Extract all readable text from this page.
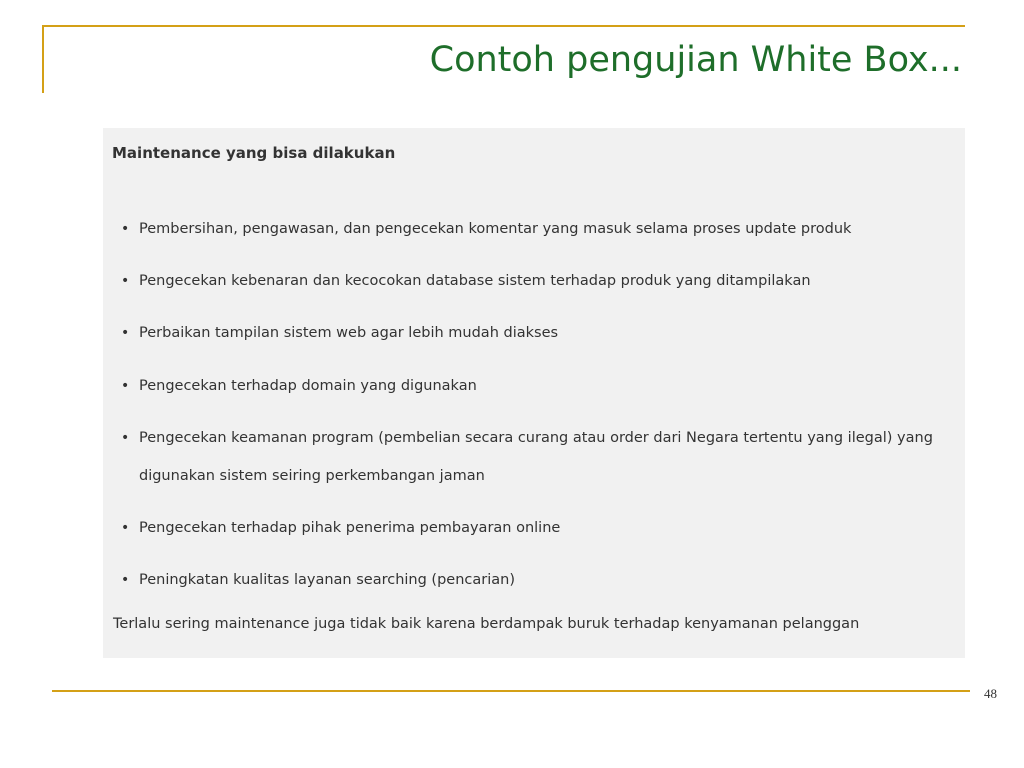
Contoh pengujian White Box...
Maintenance yang bisa dilakukan
• Pembersihan, pengawasan, dan pengecekan komentar yang masuk selama proses update produk
• Pengecekan kebenaran dan kecocokan database sistem terhadap produk yang ditampilakan
• Perbaikan tampilan sistem web agar lebih mudah diakses
• Pengecekan terhadap domain yang digunakan
• Pengecekan keamanan program (pembelian secara curang atau order dari Negara tertentu yang ilegal) yang digunakan sistem seiring perkembangan jaman
• Pengecekan terhadap pihak penerima pembayaran online
• Peningkatan kualitas layanan searching (pencarian)

Terlalu sering maintenance juga tidak baik karena berdampak buruk terhadap kenyamanan pelanggan

48
